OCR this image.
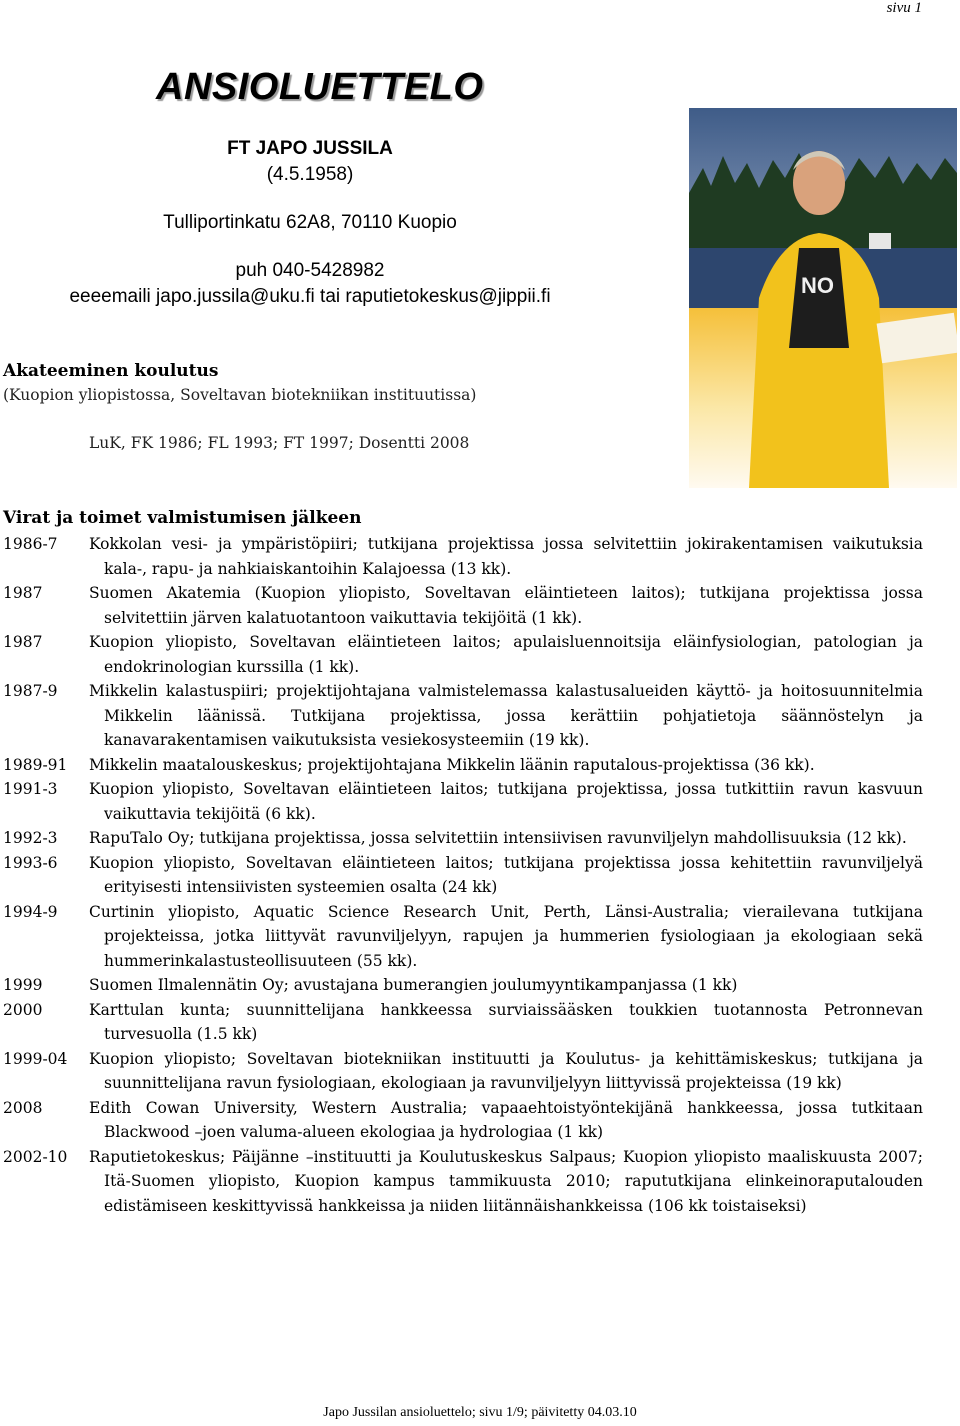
sivu 1
ANSIOLUETTELO
FT JAPO JUSSILA
(4.5.1958)
Tulliportinkatu 62A8, 70110 Kuopio
puh 040-5428982
eeeemaili japo.jussila@uku.fi tai raputietokeskus@jippii.fi	NO
Akateeminen koulutus
(Kuopion yliopistossa, Soveltavan biotekniikan instituutissa)
LuK, FK 1986; FL 1993; FT 1997; Dosentti 2008
Virat ja toimet valmistumisen jälkeen
1986-7	Kokkolan vesi- ja ympäristöpiiri; tutkijana projektissa jossa selvitettiin jokirakentamisen vaikutuksia kala-, rapu- ja nahkiaiskantoihin Kalajoessa (13 kk).
1987	Suomen Akatemia (Kuopion yliopisto, Soveltavan eläintieteen laitos); tutkijana projektissa jossa selvitettiin järven kalatuotantoon vaikuttavia tekijöitä (1 kk).
1987	Kuopion yliopisto, Soveltavan eläintieteen laitos; apulaisluennoitsija eläinfysiologian, patologian ja endokrinologian kurssilla (1 kk).
1987-9	Mikkelin kalastuspiiri; projektijohtajana valmistelemassa kalastusalueiden käyttö- ja hoitosuunnitelmia Mikkelin läänissä. Tutkijana projektissa, jossa kerättiin pohjatietoja säännöstelyn ja kanavarakentamisen vaikutuksista vesiekosysteemiin (19 kk).
1989-91	Mikkelin maatalouskeskus; projektijohtajana Mikkelin läänin raputalous-projektissa (36 kk).
1991-3	Kuopion yliopisto, Soveltavan eläintieteen laitos; tutkijana projektissa, jossa tutkittiin ravun kasvuun vaikuttavia tekijöitä (6 kk).
1992-3	RapuTalo Oy; tutkijana projektissa, jossa selvitettiin intensiivisen ravunviljelyn mahdollisuuksia (12 kk).
1993-6	Kuopion yliopisto, Soveltavan eläintieteen laitos; tutkijana projektissa jossa kehitettiin ravunviljelyä erityisesti intensiivisten systeemien osalta (24 kk)
1994-9	Curtinin yliopisto, Aquatic Science Research Unit, Perth, Länsi-Australia; vierailevana tutkijana projekteissa, jotka liittyvät ravunviljelyyn, rapujen ja hummerien fysiologiaan ja ekologiaan sekä hummerinkalastusteollisuuteen (55 kk).
1999	Suomen Ilmalennätin Oy; avustajana bumerangien joulumyyntikampanjassa (1 kk)
2000	Karttulan kunta; suunnittelijana hankkeessa surviaissääsken toukkien tuotannosta Petronnevan turvesuolla (1.5 kk)
1999-04	Kuopion yliopisto; Soveltavan biotekniikan instituutti ja Koulutus- ja kehittämiskeskus; tutkijana ja suunnittelijana ravun fysiologiaan, ekologiaan ja ravunviljelyyn liittyvissä projekteissa (19 kk)
2008	Edith Cowan University, Western Australia; vapaaehtoistyöntekijänä hankkeessa, jossa tutkitaan Blackwood –joen valuma-alueen ekologiaa ja hydrologiaa (1 kk)
2002-10	Raputietokeskus; Päijänne –instituutti ja Koulutuskeskus Salpaus; Kuopion yliopisto maaliskuusta 2007; Itä-Suomen yliopisto, Kuopion kampus tammikuusta 2010; rapututkijana elinkeinoraputalouden edistämiseen keskittyvissä hankkeissa ja niiden liitännäishankkeissa (106 kk toistaiseksi)
Japo Jussilan ansioluettelo; sivu 1/9; päivitetty 04.03.10
